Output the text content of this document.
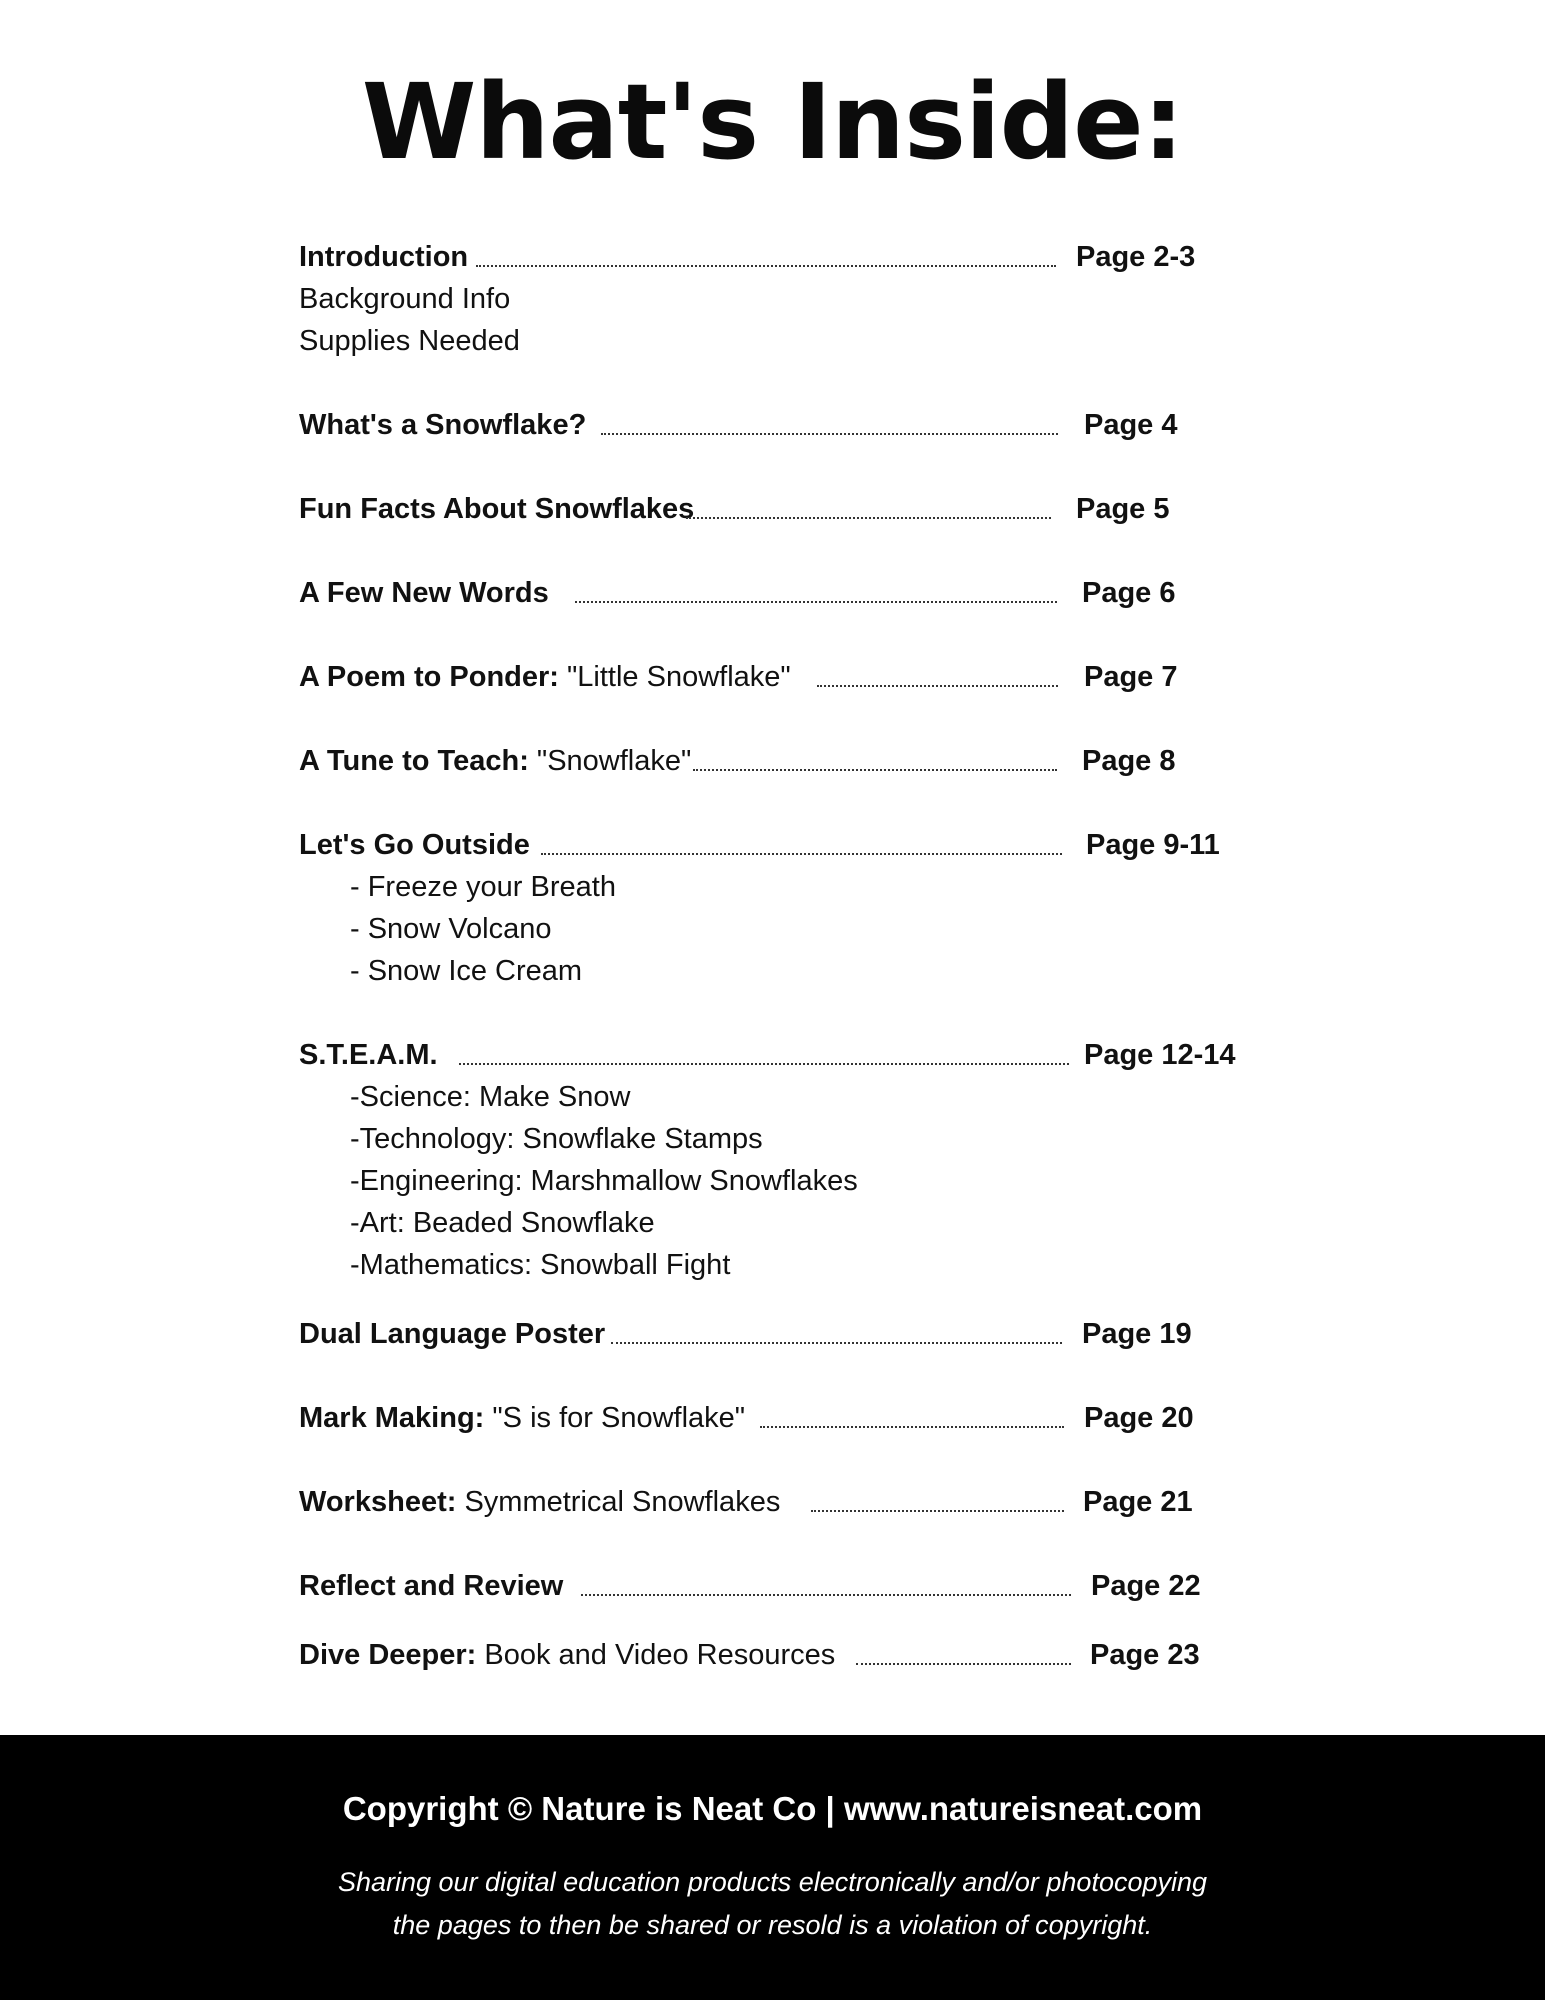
What's Inside:
Introduction	Page 2-3
Background Info
Supplies Needed
What's a Snowflake?	Page 4
Fun Facts About Snowflakes	Page 5
A Few New Words	Page 6
A Poem to Ponder: "Little Snowflake"	Page 7
A Tune to Teach: "Snowflake"	Page 8
Let's Go Outside	Page 9-11
- Freeze your Breath
- Snow Volcano
- Snow Ice Cream
S.T.E.A.M.	Page 12-14
-Science: Make Snow
-Technology: Snowflake Stamps
-Engineering: Marshmallow Snowflakes
-Art: Beaded Snowflake
-Mathematics: Snowball Fight
Dual Language Poster	Page 19
Mark Making: "S is for Snowflake"	Page 20
Worksheet: Symmetrical Snowflakes	Page 21
Reflect and Review	Page 22
Dive Deeper: Book and Video Resources	Page 23
Copyright © Nature is Neat Co | www.natureisneat.com
Sharing our digital education products electronically and/or photocopying
the pages to then be shared or resold is a violation of copyright.
